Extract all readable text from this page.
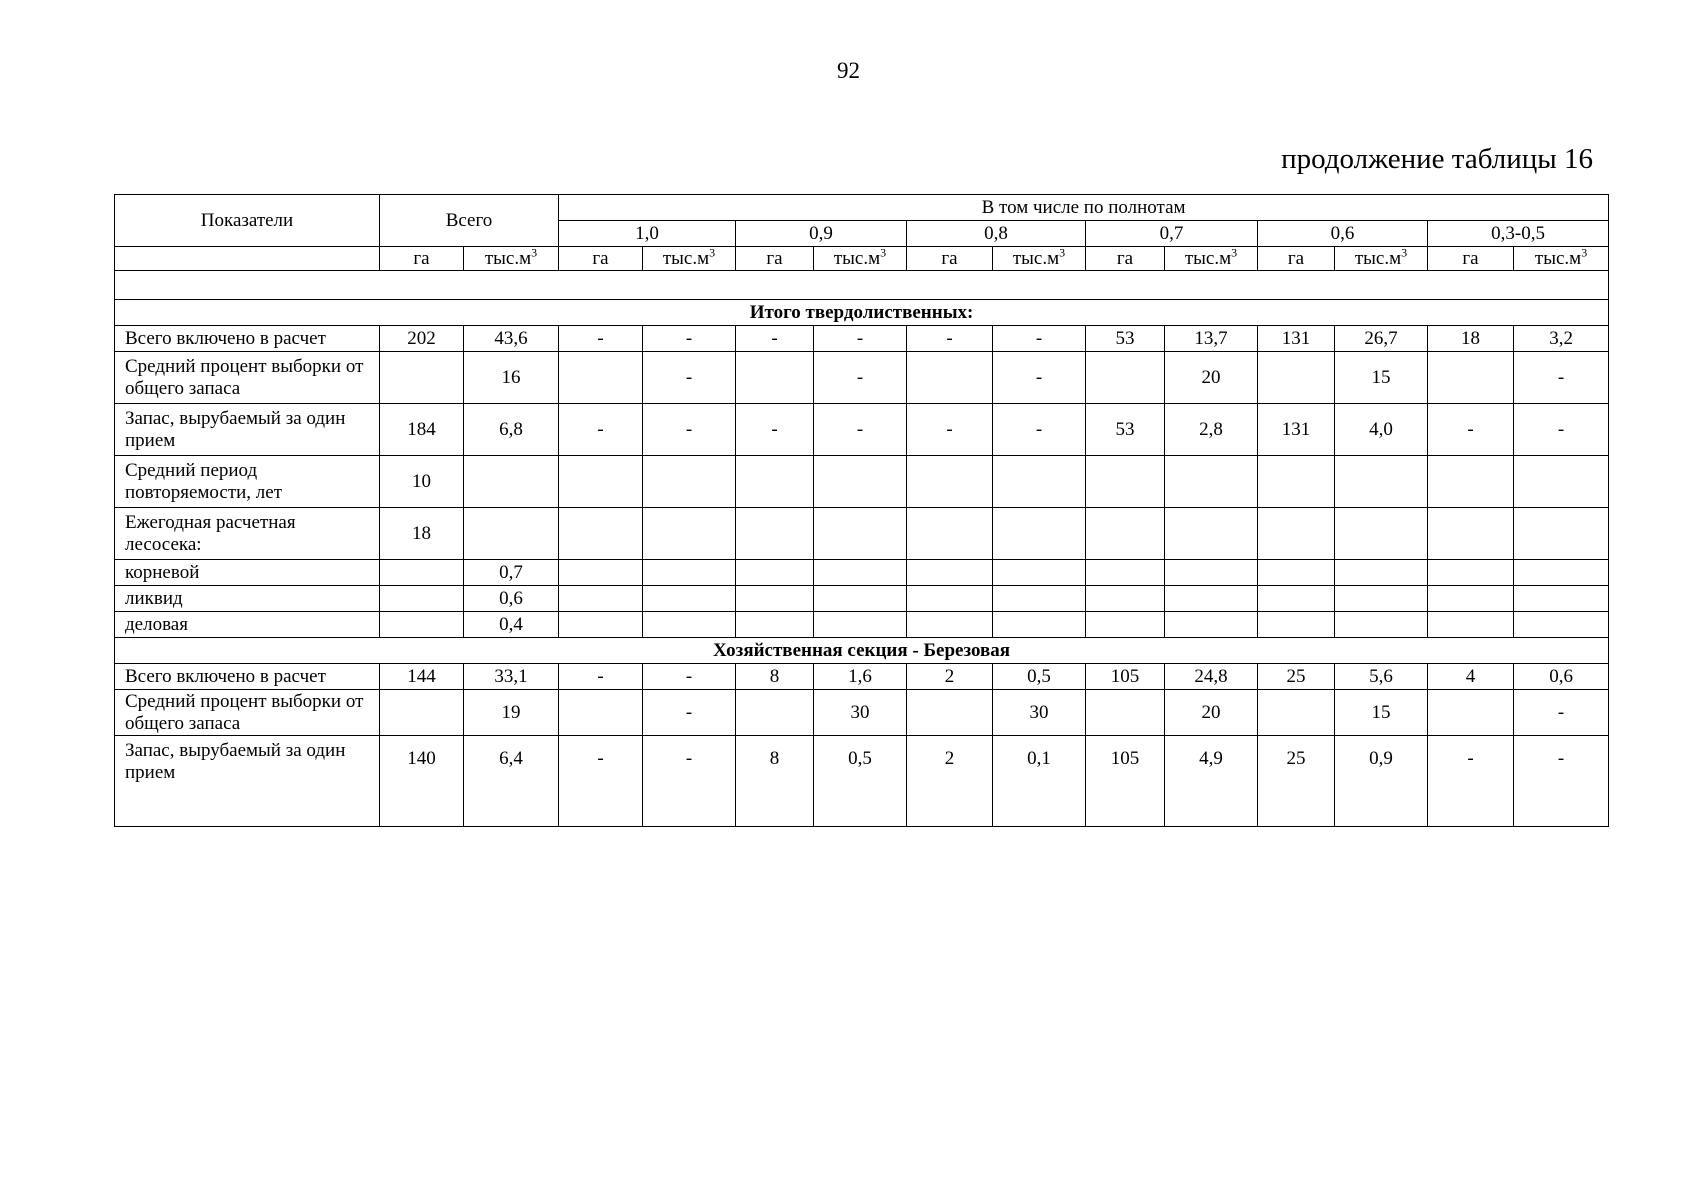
92
продолжение таблицы 16
Показатели	Всего		В том числе по полнотам											
			1,0		0,9		0,8		0,7		0,6		0,3-0,5	
	га	$тыс.м^3$	га	$тыс.м^3$	га	$тыс.м^3$	га	$тыс.м^3$	га	$тыс.м^3$	га	$тыс.м^3$	га	$тыс.м^3$

Итого твердолиственных:														
Всего включено в расчет	202	43,6	-	-	-	-	-	-	53	13,7	131	26,7	18	3,2
Средний процент выборки от общего запаса		16		-		-		-		20		15		-
Запас, вырубаемый за один прием	184	6,8	-	-	-	-	-	-	53	2,8	131	4,0	-	-
Средний период повторяемости, лет	10													
Ежегодная расчетная лесосека:	18													
корневой		0,7												
ликвид		0,6												
деловая		0,4												
Хозяйственная секция - Березовая														
Всего включено в расчет	144	33,1	-	-	8	1,6	2	0,5	105	24,8	25	5,6	4	0,6
Средний процент выборки от общего запаса		19		-		30		30		20		15		-
Запас, вырубаемый за один прием	140	6,4	-	-	8	0,5	2	0,1	105	4,9	25	0,9	-	-
